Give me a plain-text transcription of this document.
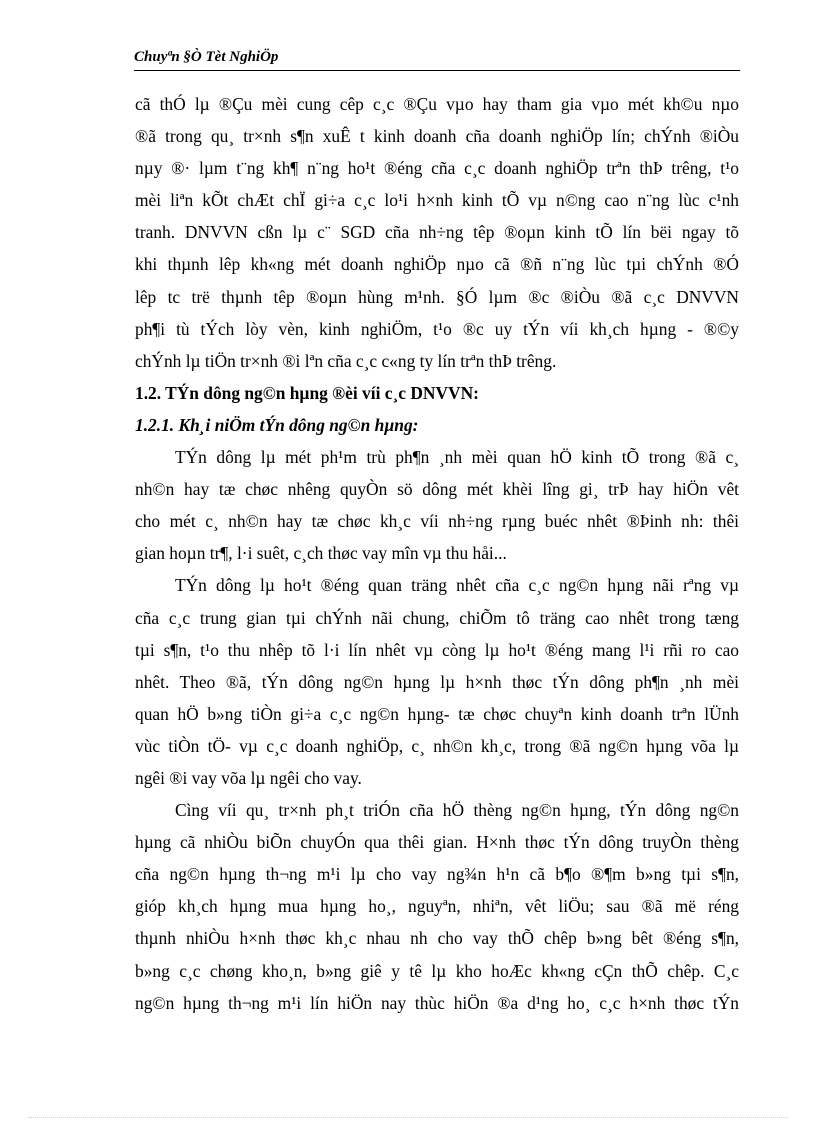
Chuyªn §Ò Tèt NghiÖp
cã thÓ lµ ®Çu mèi cung cêp c¸c ®Çu vµo hay tham gia vµo mét kh©u nµo
®ã trong qu¸ tr×nh s¶n xuÊ t kinh doanh cña doanh nghiÖp lín; chÝnh ®iÒu
nµy ®· lµm t¨ng kh¶ n¨ng ho¹t ®éng cña c¸c doanh nghiÖp trªn thÞ trêng, t¹o
mèi liªn kÕt chÆt chÏ gi÷a c¸c lo¹i h×nh kinh tÕ vµ n©ng cao n¨ng lùc c¹nh
tranh. DNVVN cßn lµ c¨ SGD cña nh÷ng têp ®oµn kinh tÕ lín bëi ngay tõ
khi thµnh lêp kh«ng mét doanh nghiÖp nµo cã ®ñ n¨ng lùc tµi chÝnh ®Ó
lêp tc trë thµnh têp ®oµn hùng m¹nh. §Ó lµm ®c ®iÒu ®ã c¸c DNVVN
ph¶i tù tÝch lòy vèn, kinh nghiÖm, t¹o ®c uy tÝn víi kh¸ch hµng - ®©y
chÝnh lµ tiÖn tr×nh ®i lªn cña c¸c c«ng ty lín trªn thÞ trêng.
1.2. TÝn dông ng©n hµng ®èi víi c¸c DNVVN:
1.2.1. Kh¸i niÖm tÝn dông ng©n hµng:
TÝn dông lµ mét ph¹m trù ph¶n ¸nh mèi quan hÖ kinh tÕ trong ®ã c¸
nh©n hay tæ chøc nhêng quyÒn sö dông mét khèi lîng gi¸ trÞ hay hiÖn vêt
cho mét c¸ nh©n hay tæ chøc kh¸c víi nh÷ng rµng buéc nhêt ®Þinh nh: thêi
gian hoµn tr¶, l·i suêt, c¸ch thøc vay mîn vµ thu håi...
TÝn dông lµ ho¹t ®éng quan träng nhêt cña c¸c ng©n hµng nãi rªng vµ
cña c¸c trung gian tµi chÝnh nãi chung, chiÕm tô träng cao nhêt trong tæng
tµi s¶n, t¹o thu nhêp tõ l·i lín nhêt vµ còng lµ ho¹t ®éng mang l¹i rñi ro cao
nhêt. Theo ®ã, tÝn dông ng©n hµng lµ h×nh thøc tÝn dông ph¶n ¸nh mèi
quan hÖ b»ng tiÒn gi÷a c¸c ng©n hµng- tæ chøc chuyªn kinh doanh trªn lÜnh
vùc tiÒn tÖ- vµ c¸c doanh nghiÖp, c¸ nh©n kh¸c, trong ®ã ng©n hµng võa lµ
ngêi ®i vay võa lµ ngêi cho vay.
Cìng víi qu¸ tr×nh ph¸t triÓn cña hÖ thèng ng©n hµng, tÝn dông ng©n
hµng cã nhiÒu biÕn chuyÓn qua thêi gian. H×nh thøc tÝn dông truyÒn thèng
cña ng©n hµng th¬ng m¹i lµ cho vay ng¾n h¹n cã b¶o ®¶m b»ng tµi s¶n,
gióp kh¸ch hµng mua hµng ho¸, nguyªn, nhiªn, vêt liÖu; sau ®ã më réng
thµnh nhiÒu h×nh thøc kh¸c nhau nh cho vay thÕ chêp b»ng bêt ®éng s¶n,
b»ng c¸c chøng kho¸n, b»ng giê y tê lµ kho hoÆc kh«ng cÇn thÕ chêp. C¸c
ng©n hµng th¬ng m¹i lín hiÖn nay thùc hiÖn ®a d¹ng ho¸ c¸c h×nh thøc tÝn
